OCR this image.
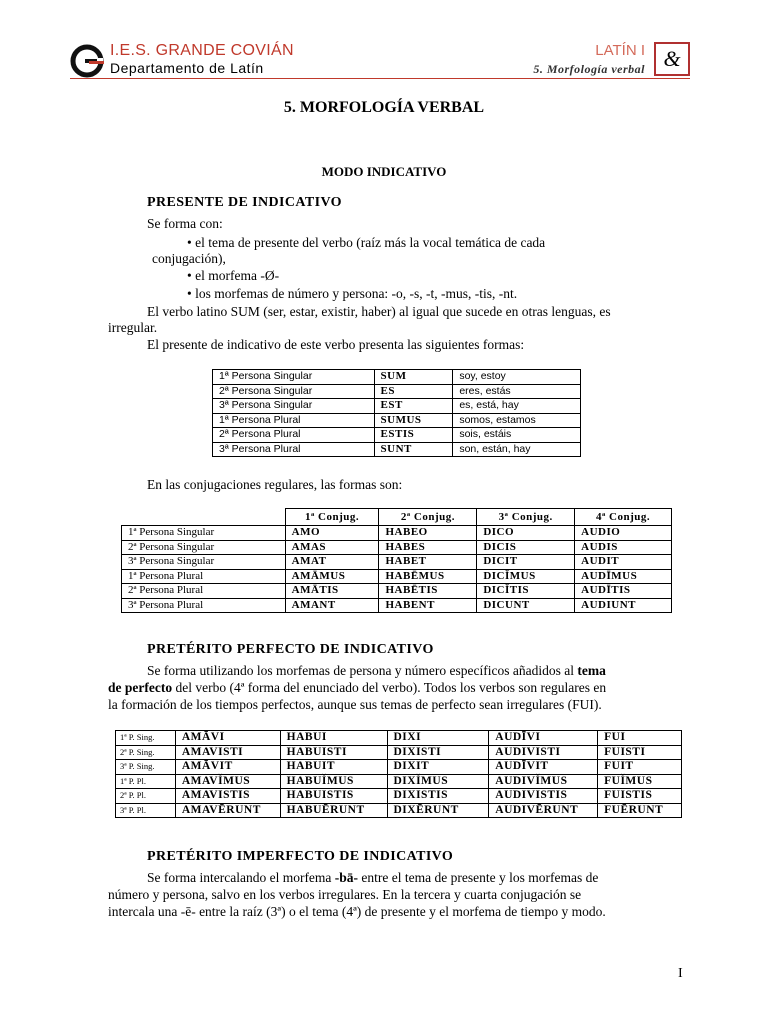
I.E.S. GRANDE COVIÁN
Departamento de Latín
LATÍN I
5. Morfología verbal &
5. MORFOLOGÍA VERBAL
MODO INDICATIVO
PRESENTE DE INDICATIVO
Se forma con:
• el tema de presente del verbo (raíz más la vocal temática de cada
conjugación),
• el morfema -Ø-
• los morfemas de número y persona: -o, -s, -t, -mus, -tis, -nt.
El verbo latino SUM (ser, estar, existir, haber) al igual que sucede en otras lenguas, es
irregular.
El presente de indicativo de este verbo presenta las siguientes formas:
1ª Persona Singular	SUM	soy, estoy
2ª Persona Singular	ES	eres, estás
3ª Persona Singular	EST	es, está, hay
1ª Persona Plural	SUMUS	somos, estamos
2ª Persona Plural	ESTIS	sois, estáis
3ª Persona Plural	SUNT	son, están, hay
En las conjugaciones regulares, las formas son:
	1ª Conjug.	2ª Conjug.	3ª Conjug.	4ª Conjug.
1ª Persona Singular	AMO	HABEO	DICO	AUDIO
2ª Persona Singular	AMAS	HABES	DICIS	AUDIS
3ª Persona Singular	AMAT	HABET	DICIT	AUDIT
1ª Persona Plural	AMĀMUS	HABĒMUS	DICĬMUS	AUDĪMUS
2ª Persona Plural	AMĀTIS	HABĒTIS	DICĬTIS	AUDĪTIS
3ª Persona Plural	AMANT	HABENT	DICUNT	AUDIUNT
PRETÉRITO PERFECTO DE INDICATIVO
Se forma utilizando los morfemas de persona y número específicos añadidos al tema
de perfecto del verbo (4ª forma del enunciado del verbo). Todos los verbos son regulares en
la formación de los tiempos perfectos, aunque sus temas de perfecto sean irregulares (FUI).
1ª P. Sing.	AMĀVI	HABUI	DIXI	AUDĪVI	FUI
2ª P. Sing.	AMAVISTI	HABUISTI	DIXISTI	AUDIVISTI	FUISTI
3ª P. Sing.	AMĀVIT	HABUIT	DIXIT	AUDĪVIT	FUIT
1ª P. Pl.	AMAVĬMUS	HABUĬMUS	DIXĬMUS	AUDIVĬMUS	FUĬMUS
2ª P. Pl.	AMAVISTIS	HABUISTIS	DIXISTIS	AUDIVISTIS	FUISTIS
3ª P. Pl.	AMAVĒRUNT	HABUĒRUNT	DIXĒRUNT	AUDIVĒRUNT	FUĒRUNT
PRETÉRITO IMPERFECTO DE INDICATIVO
Se forma intercalando el morfema -bā- entre el tema de presente y los morfemas de
número y persona, salvo en los verbos irregulares. En la tercera y cuarta conjugación se
intercala una -ē- entre la raíz (3ª) o el tema (4ª) de presente y el morfema de tiempo y modo.
I
